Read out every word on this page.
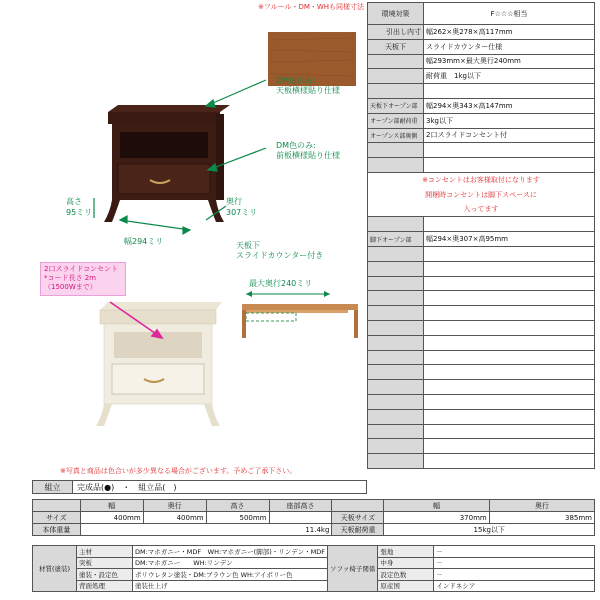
※フルール・DM・WHも同様寸法
DM色のみ:
天板横様貼り仕様
DM色のみ:
前板横様貼り仕様
高さ
95ミリ
奥行
307ミリ
幅294ミリ	天板下
スライドカウンター付き
最大奥行240ミリ
2口スライドコンセント
*コード長さ 2m
（1500Wまで）
※写真と商品は色合いが多少異なる場合がございます。予めご了承下さい。
環境対策	F☆☆☆相当
引出し内寸	幅262×奥278×高117mm
天板下	スライドカウンター仕様
	幅293mm×最大奥行240mm
	耐荷重　1kg以下

天板下オープン部	幅294×奥343×高147mm
オープン部耐荷重	3kg以下
オープンス部奥側	2口スライドコンセント付

※コンセントはお客様取付になります	
開梱時コンセントは脚下スペースに	
入ってます	

脚下オープン部	幅294×奥307×高95mm

組立	完成品(●)　・　組立品(　)
	幅	奥行	高さ	座部高さ		幅	奥行
サイズ	400mm	400mm	500mm		天板サイズ	370mm	385mm
本体重量	11.4kg				天板耐荷重	15kg以下	
材質(塗装)	主材	DM:マホガニー・MDF　WH:マホガニー(脚部)・リンデン・MDF	ソファ椅子関係	張地	－
	突板	DM:マホガニー　　WH:リンデン		中身	－
	塗装・設定色	ポリウレタン塗装・DM:ブラウン色 WH:アイボリー色		設定色数	－
	背面処理	塗装仕上げ		原産国	インドネシア
